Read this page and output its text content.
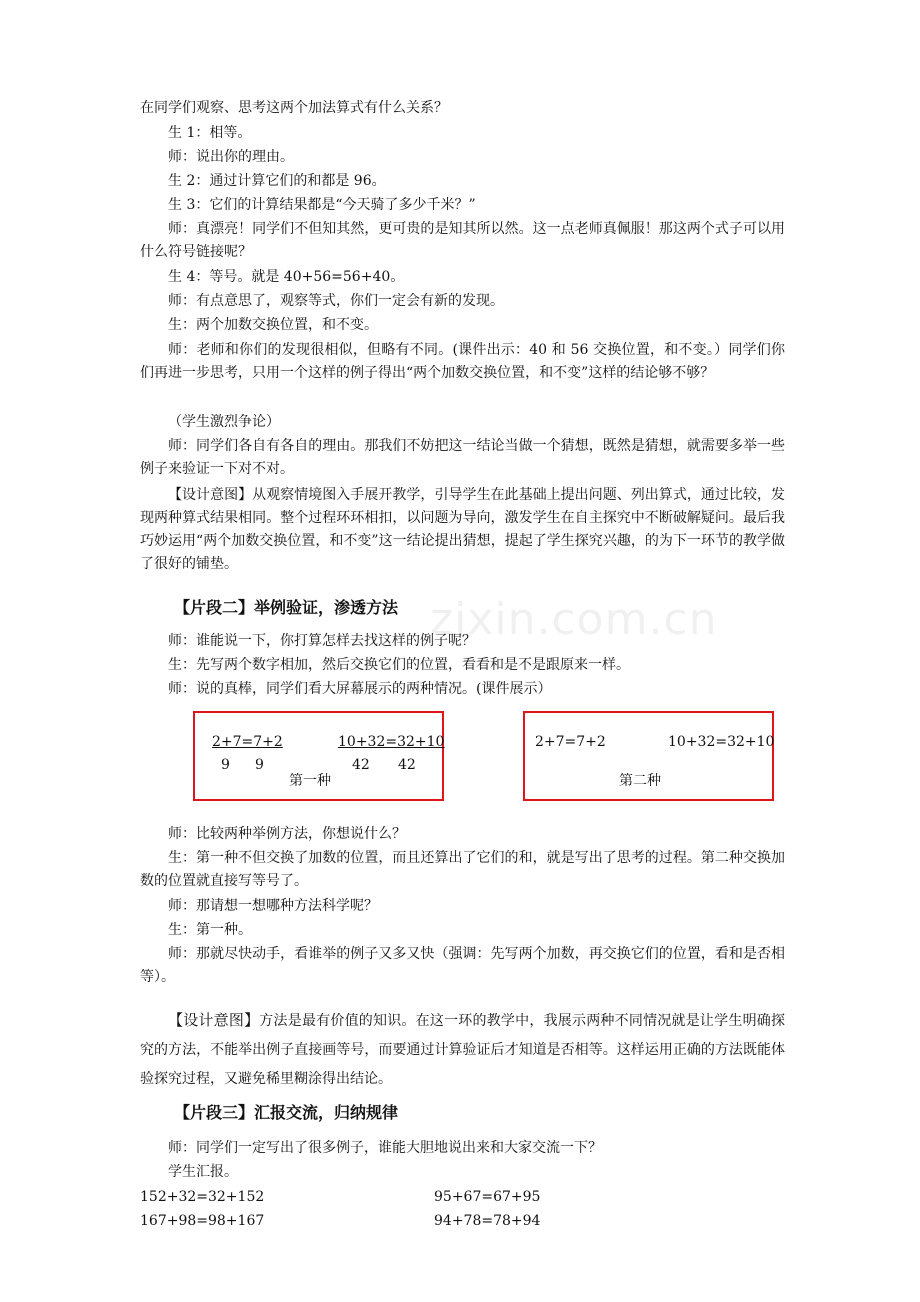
zixin.com.cn

在同学们观察、思考这两个加法算式有什么关系？

生 1：相等。

师：说出你的理由。

生 2：通过计算它们的和都是 96。

生 3：它们的计算结果都是“今天骑了多少千米？”

师：真漂亮！同学们不但知其然，更可贵的是知其所以然。这一点老师真佩服！那这两个式子可以用什么符号链接呢？

生 4：等号。就是 40+56=56+40。

师：有点意思了，观察等式，你们一定会有新的发现。

生：两个加数交换位置，和不变。

师：老师和你们的发现很相似，但略有不同。(课件出示：40 和 56 交换位置，和不变。）同学们你们再进一步思考，只用一个这样的例子得出“两个加数交换位置，和不变”这样的结论够不够？

（学生激烈争论）

师：同学们各自有各自的理由。那我们不妨把这一结论当做一个猜想，既然是猜想，就需要多举一些例子来验证一下对不对。

【设计意图】从观察情境图入手展开教学，引导学生在此基础上提出问题、列出算式，通过比较，发现两种算式结果相同。整个过程环环相扣，以问题为导向，激发学生在自主探究中不断破解疑问。最后我巧妙运用“两个加数交换位置，和不变”这一结论提出猜想，提起了学生探究兴趣，的为下一环节的教学做了很好的铺垫。

【片段二】举例验证，渗透方法

师：谁能说一下，你打算怎样去找这样的例子呢？

生：先写两个数字相加，然后交换它们的位置，看看和是不是跟原来一样。

师：说的真棒，同学们看大屏幕展示的两种情况。(课件展示）

2+7=7+2	10+32=32+10
9 9	42 42
第一种
2+7=7+2	10+32=32+10
第二种

师：比较两种举例方法，你想说什么？

生：第一种不但交换了加数的位置，而且还算出了它们的和，就是写出了思考的过程。第二种交换加数的位置就直接写等号了。

师：那请想一想哪种方法科学呢？

生：第一种。

师：那就尽快动手，看谁举的例子又多又快（强调：先写两个加数，再交换它们的位置，看和是否相等）。

【设计意图】方法是最有价值的知识。在这一环的教学中，我展示两种不同情况就是让学生明确探究的方法，不能举出例子直接画等号，而要通过计算验证后才知道是否相等。这样运用正确的方法既能体验探究过程，又避免稀里糊涂得出结论。

【片段三】汇报交流，归纳规律

师：同学们一定写出了很多例子，谁能大胆地说出来和大家交流一下？

学生汇报。

152+32=32+152	95+67=67+95
167+98=98+167	94+78=78+94
